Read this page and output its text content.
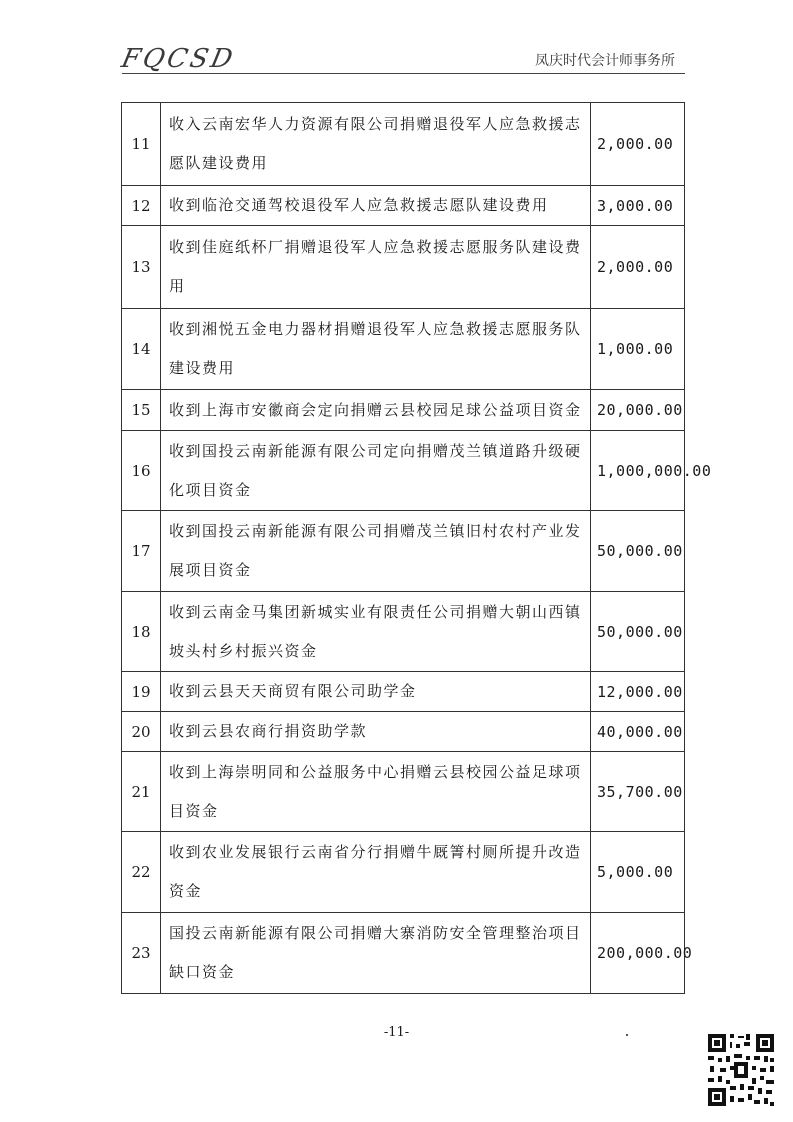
FQCSD	凤庆时代会计师事务所
11	收入云南宏华人力资源有限公司捐赠退役军人应急救援志愿队建设费用	2,000.00
12	收到临沧交通驾校退役军人应急救援志愿队建设费用	3,000.00
13	收到佳庭纸杯厂捐赠退役军人应急救援志愿服务队建设费用	2,000.00
14	收到湘悦五金电力器材捐赠退役军人应急救援志愿服务队建设费用	1,000.00
15	收到上海市安徽商会定向捐赠云县校园足球公益项目资金	20,000.00
16	收到国投云南新能源有限公司定向捐赠茂兰镇道路升级硬化项目资金	1,000,000.00
17	收到国投云南新能源有限公司捐赠茂兰镇旧村农村产业发展项目资金	50,000.00
18	收到云南金马集团新城实业有限责任公司捐赠大朝山西镇坡头村乡村振兴资金	50,000.00
19	收到云县天天商贸有限公司助学金	12,000.00
20	收到云县农商行捐资助学款	40,000.00
21	收到上海崇明同和公益服务中心捐赠云县校园公益足球项目资金	35,700.00
22	收到农业发展银行云南省分行捐赠牛厩箐村厕所提升改造资金	5,000.00
23	国投云南新能源有限公司捐赠大寨消防安全管理整治项目缺口资金	200,000.00
-11-
